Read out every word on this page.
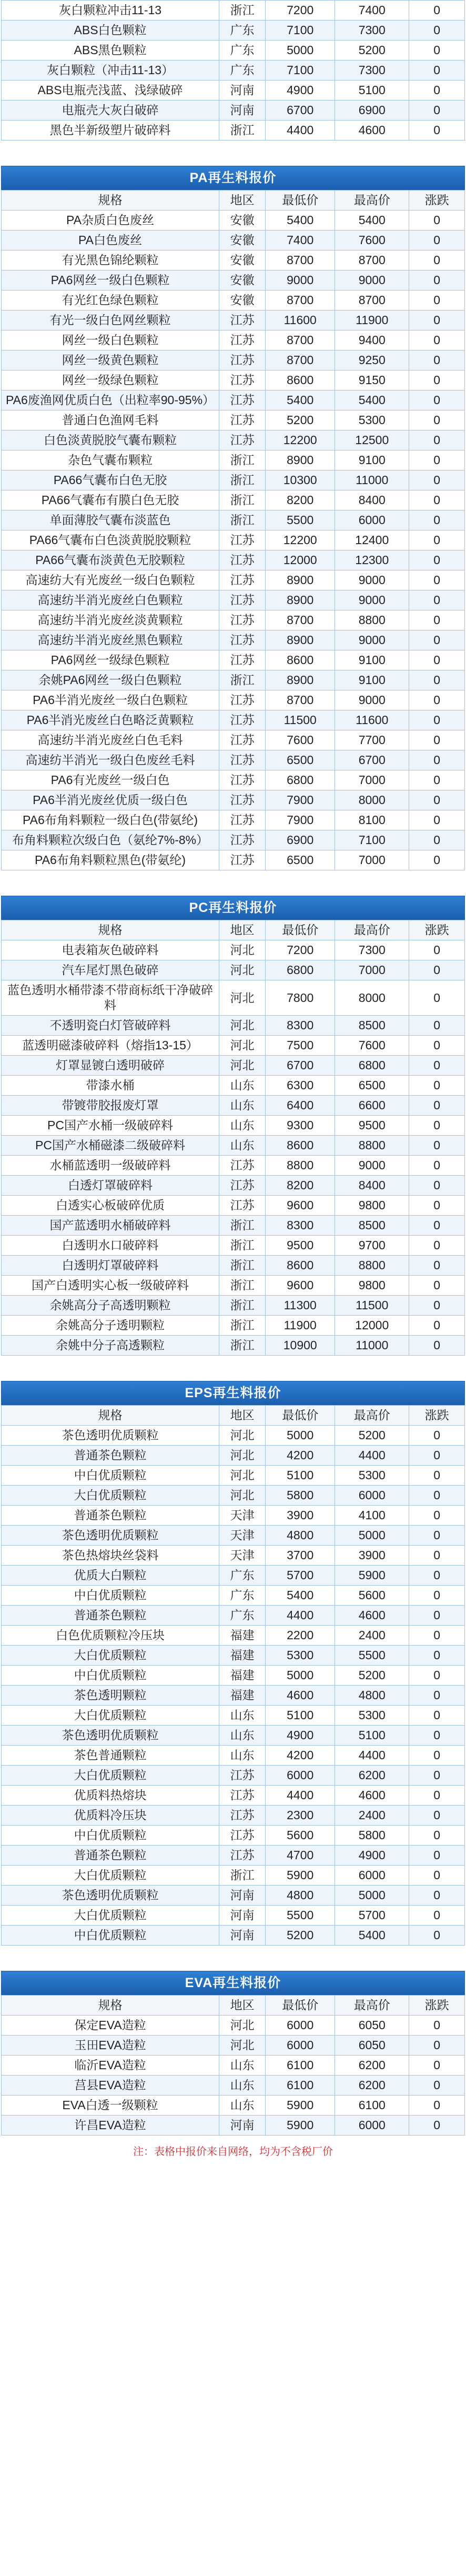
灰白颗粒冲击11-13	浙江	7200	7400	0
ABS白色颗粒	广东	7100	7300	0
ABS黑色颗粒	广东	5000	5200	0
灰白颗粒（冲击11-13）	广东	7100	7300	0
ABS电瓶壳浅蓝、浅绿破碎	河南	4900	5100	0
电瓶壳大灰白破碎	河南	6700	6900	0
黑色半新级塑片破碎料	浙江	4400	4600	0
PA再生料报价
规格	地区	最低价	最高价	涨跌
PA杂质白色废丝	安徽	5400	5400	0
PA白色废丝	安徽	7400	7600	0
有光黑色锦纶颗粒	安徽	8700	8700	0
PA6网丝一级白色颗粒	安徽	9000	9000	0
有光红色绿色颗粒	安徽	8700	8700	0
有光一级白色网丝颗粒	江苏	11600	11900	0
网丝一级白色颗粒	江苏	8700	9400	0
网丝一级黄色颗粒	江苏	8700	9250	0
网丝一级绿色颗粒	江苏	8600	9150	0
PA6废渔网优质白色（出粒率90-95%）	江苏	5400	5400	0
普通白色渔网毛料	江苏	5200	5300	0
白色淡黄脱胶气囊布颗粒	江苏	12200	12500	0
杂色气囊布颗粒	浙江	8900	9100	0
PA66气囊布白色无胶	浙江	10300	11000	0
PA66气囊布有膜白色无胶	浙江	8200	8400	0
单面薄胶气囊布淡蓝色	浙江	5500	6000	0
PA66气囊布白色淡黄脱胶颗粒	江苏	12200	12400	0
PA66气囊布淡黄色无胶颗粒	江苏	12000	12300	0
高速纺大有光废丝一级白色颗粒	江苏	8900	9000	0
高速纺半消光废丝白色颗粒	江苏	8900	9000	0
高速纺半消光废丝淡黄颗粒	江苏	8700	8800	0
高速纺半消光废丝黑色颗粒	江苏	8900	9000	0
PA6网丝一级绿色颗粒	江苏	8600	9100	0
余姚PA6网丝一级白色颗粒	浙江	8900	9100	0
PA6半消光废丝一级白色颗粒	江苏	8700	9000	0
PA6半消光废丝白色略泛黄颗粒	江苏	11500	11600	0
高速纺半消光废丝白色毛料	江苏	7600	7700	0
高速纺半消光一级白色废丝毛料	江苏	6500	6700	0
PA6有光废丝一级白色	江苏	6800	7000	0
PA6半消光废丝优质一级白色	江苏	7900	8000	0
PA6布角料颗粒一级白色(带氨纶)	江苏	7900	8100	0
布角料颗粒次级白色（氨纶7%-8%）	江苏	6900	7100	0
PA6布角料颗粒黑色(带氨纶)	江苏	6500	7000	0
PC再生料报价
规格	地区	最低价	最高价	涨跌
电表箱灰色破碎料	河北	7200	7300	0
汽车尾灯黑色破碎	河北	6800	7000	0
蓝色透明水桶带漆不带商标纸干净破碎料	河北	7800	8000	0
不透明瓷白灯管破碎料	河北	8300	8500	0
蓝透明磁漆破碎料（熔指13-15）	河北	7500	7600	0
灯罩显镀白透明破碎	河北	6700	6800	0
带漆水桶	山东	6300	6500	0
带镀带胶报废灯罩	山东	6400	6600	0
PC国产水桶一级破碎料	山东	9300	9500	0
PC国产水桶磁漆二级破碎料	山东	8600	8800	0
水桶蓝透明一级破碎料	江苏	8800	9000	0
白透灯罩破碎料	江苏	8200	8400	0
白透实心板破碎优质	江苏	9600	9800	0
国产蓝透明水桶破碎料	浙江	8300	8500	0
白透明水口破碎料	浙江	9500	9700	0
白透明灯罩破碎料	浙江	8600	8800	0
国产白透明实心板一级破碎料	浙江	9600	9800	0
余姚高分子高透明颗粒	浙江	11300	11500	0
余姚高分子透明颗粒	浙江	11900	12000	0
余姚中分子高透颗粒	浙江	10900	11000	0
EPS再生料报价
规格	地区	最低价	最高价	涨跌
茶色透明优质颗粒	河北	5000	5200	0
普通茶色颗粒	河北	4200	4400	0
中白优质颗粒	河北	5100	5300	0
大白优质颗粒	河北	5800	6000	0
普通茶色颗粒	天津	3900	4100	0
茶色透明优质颗粒	天津	4800	5000	0
茶色热熔块丝袋料	天津	3700	3900	0
优质大白颗粒	广东	5700	5900	0
中白优质颗粒	广东	5400	5600	0
普通茶色颗粒	广东	4400	4600	0
白色优质颗粒冷压块	福建	2200	2400	0
大白优质颗粒	福建	5300	5500	0
中白优质颗粒	福建	5000	5200	0
茶色透明颗粒	福建	4600	4800	0
大白优质颗粒	山东	5100	5300	0
茶色透明优质颗粒	山东	4900	5100	0
茶色普通颗粒	山东	4200	4400	0
大白优质颗粒	江苏	6000	6200	0
优质料热熔块	江苏	4400	4600	0
优质料冷压块	江苏	2300	2400	0
中白优质颗粒	江苏	5600	5800	0
普通茶色颗粒	江苏	4700	4900	0
大白优质颗粒	浙江	5900	6000	0
茶色透明优质颗粒	河南	4800	5000	0
大白优质颗粒	河南	5500	5700	0
中白优质颗粒	河南	5200	5400	0
EVA再生料报价
规格	地区	最低价	最高价	涨跌
保定EVA造粒	河北	6000	6050	0
玉田EVA造粒	河北	6000	6050	0
临沂EVA造粒	山东	6100	6200	0
莒县EVA造粒	山东	6100	6200	0
EVA白透一级颗粒	山东	5900	6100	0
许昌EVA造粒	河南	5900	6000	0
注：表格中报价来自网络，均为不含税厂价
